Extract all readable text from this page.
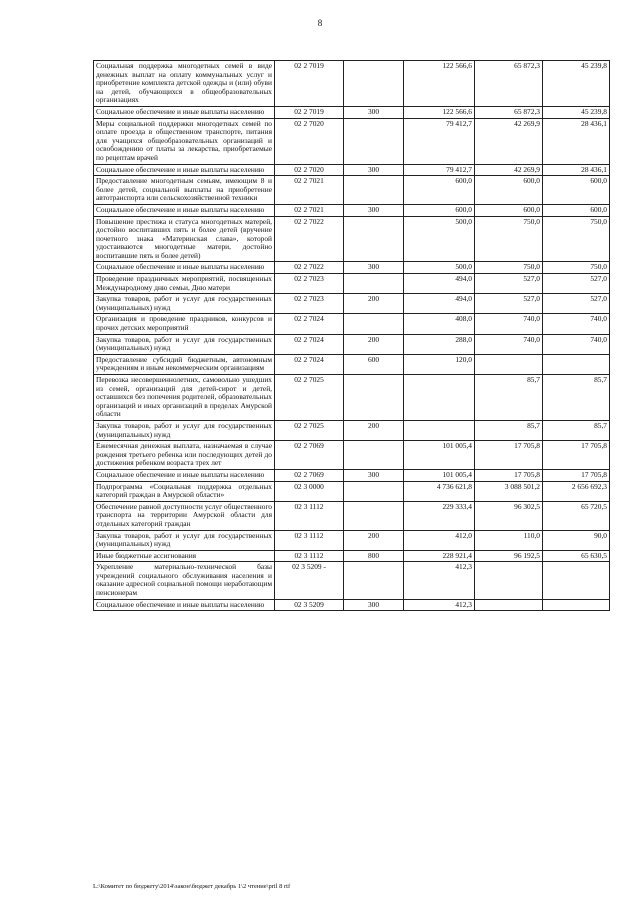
8
Социальная поддержка многодетных семей в виде денежных выплат на оплату коммунальных услуг и приобретение комплекта детской одежды и (или) обуви на детей, обучающихся в общеобразовательных организациях	02 2 7019		122 566,6	65 872,3	45 239,8
Социальное обеспечение и иные выплаты населению	02 2 7019	300	122 566,6	65 872,3	45 239,8
Меры социальной поддержки многодетных семей по оплате проезда в общественном транспорте, питания для учащихся общеобразовательных организаций и освобождению от платы за лекарства, приобретаемые по рецептам врачей	02 2 7020		79 412,7	42 269,9	28 436,1
Социальное обеспечение и иные выплаты населению	02 2 7020	300	79 412,7	42 269,9	28 436,1
Предоставление многодетным семьям, имеющим 8 и более детей, социальной выплаты на приобретение автотранспорта или сельскохозяйственной техники	02 2 7021		600,0	600,0	600,0
Социальное обеспечение и иные выплаты населению	02 2 7021	300	600,0	600,0	600,0
Повышение престижа и статуса многодетных матерей, достойно воспитавших пять и более детей (вручение почетного знака «Материнская слава», которой удостаиваются многодетные матери, достойно воспитавшие пять и более детей)	02 2 7022		500,0	750,0	750,0
Социальное обеспечение и иные выплаты населению	02 2 7022	300	500,0	750,0	750,0
Проведение праздничных мероприятий, посвященных Международному дню семьи, Дню матери	02 2 7023		494,0	527,0	527,0
Закупка товаров, работ и услуг для государственных (муниципальных) нужд	02 2 7023	200	494,0	527,0	527,0
Организация и проведение праздников, конкурсов и прочих детских мероприятий	02 2 7024		408,0	740,0	740,0
Закупка товаров, работ и услуг для государственных (муниципальных) нужд	02 2 7024	200	288,0	740,0	740,0
Предоставление субсидий бюджетным, автономным учреждениям и иным некоммерческим организациям	02 2 7024	600	120,0		
Перевозка несовершеннолетних, самовольно ушедших из семей, организаций для детей-сирот и детей, оставшихся без попечения родителей, образовательных организаций и иных организаций в пределах Амурской области	02 2 7025			85,7	85,7
Закупка товаров, работ и услуг для государственных (муниципальных) нужд	02 2 7025	200		85,7	85,7
Ежемесячная денежная выплата, назначаемая в случае рождения третьего ребенка или последующих детей до достижения ребенком возраста трех лет	02 2 7069		101 005,4	17 705,8	17 705,8
Социальное обеспечение и иные выплаты населению	02 2 7069	300	101 005,4	17 705,8	17 705,8
Подпрограмма «Социальная поддержка отдельных категорий граждан в Амурской области»	02 3 0000		4 736 621,8	3 088 501,2	2 656 692,3
Обеспечение равной доступности услуг общественного транспорта на территории Амурской области для отдельных категорий граждан	02 3 1112		229 333,4	96 302,5	65 720,5
Закупка товаров, работ и услуг для государственных (муниципальных) нужд	02 3 1112	200	412,0	110,0	90,0
Иные бюджетные ассигнования	02 3 1112	800	228 921,4	96 192,5	65 630,5
Укрепление материально-технической базы учреждений социального обслуживания населения и оказание адресной социальной помощи неработающим пенсионерам	02 3 5209 -		412,3		
Социальное обеспечение и иные выплаты населению	02 3 5209	300	412,3		
L:\Комитет по бюджету\2014\закон\бюджет декабрь 1\2 чтение\pril 8 rtf
